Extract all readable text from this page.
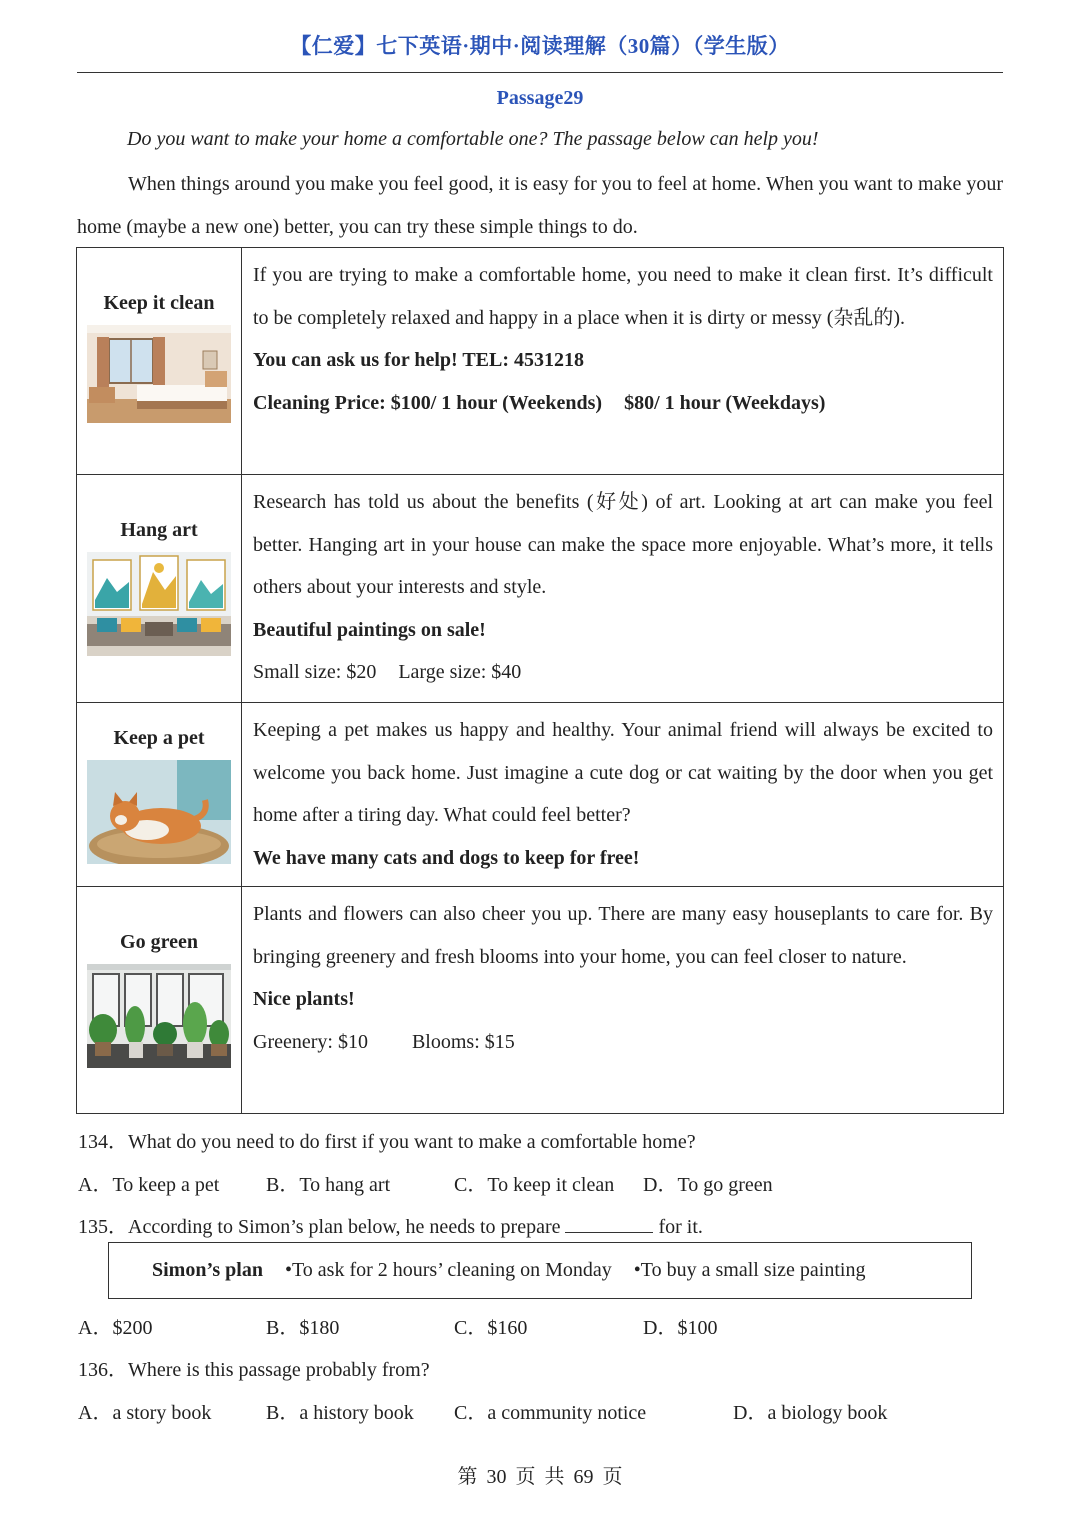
【仁爱】七下英语·期中·阅读理解（30篇）（学生版）
Passage29
Do you want to make your home a comfortable one? The passage below can help you!

When things around you make you feel good, it is easy for you to feel at home. When you want to make your home (maybe a new one) better, you can try these simple things to do.

Keep it clean	If you are trying to make a comfortable home, you need to make it clean first. It’s difficult to be completely relaxed and happy in a place when it is dirty or messy (杂乱的).
You can ask us for help! TEL: 4531218
Cleaning Price: $100/ 1 hour (Weekends) $80/ 1 hour (Weekdays)

Hang art	Research has told us about the benefits (好处) of art. Looking at art can make you feel better. Hanging art in your house can make the space more enjoyable. What’s more, it tells others about your interests and style.
Beautiful paintings on sale!
Small size: $20 Large size: $40

Keep a pet	Keeping a pet makes us happy and healthy. Your animal friend will always be excited to welcome you back home. Just imagine a cute dog or cat waiting by the door when you get home after a tiring day. What could feel better?
We have many cats and dogs to keep for free!

Go green	Plants and flowers can also cheer you up. There are many easy houseplants to care for. By bringing greenery and fresh blooms into your home, you can feel closer to nature.
Nice plants!
Greenery: $10 Blooms: $15
134．What do you need to do first if you want to make a comfortable home?
A．To keep a pet B．To hang art	C．To keep it clean D．To go green
135．According to Simon’s plan below, he needs to prepare	for it.
Simon’s plan •To ask for 2 hours’ cleaning on Monday •To buy a small size painting
A．$200	B．$180	C．$160	D．$100
136．Where is this passage probably from?
A．a story book	B．a history book C．a community notice	D．a biology book
第 30 页 共 69 页
